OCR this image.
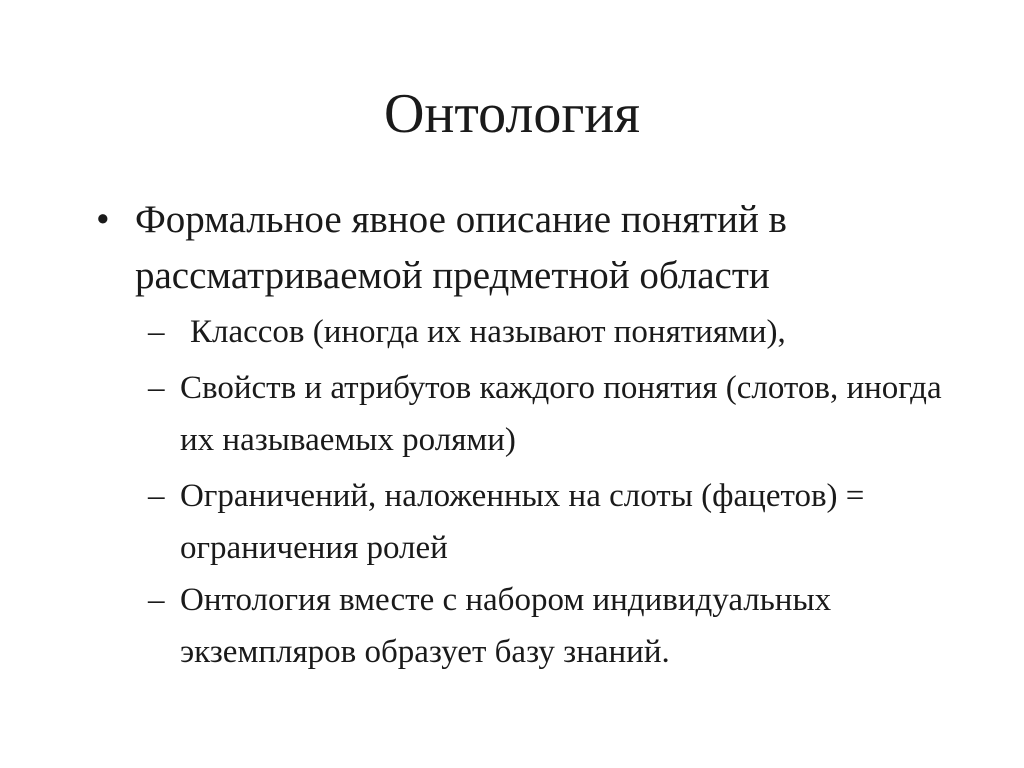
Онтология
• Формальное явное описание понятий в рассматриваемой предметной области
– Классов (иногда их называют понятиями),
– Свойств и атрибутов каждого понятия (слотов, иногда их называемых ролями)
– Ограничений, наложенных на слоты (фацетов) = ограничения ролей
– Онтология вместе с набором индивидуальных экземпляров образует базу знаний.
